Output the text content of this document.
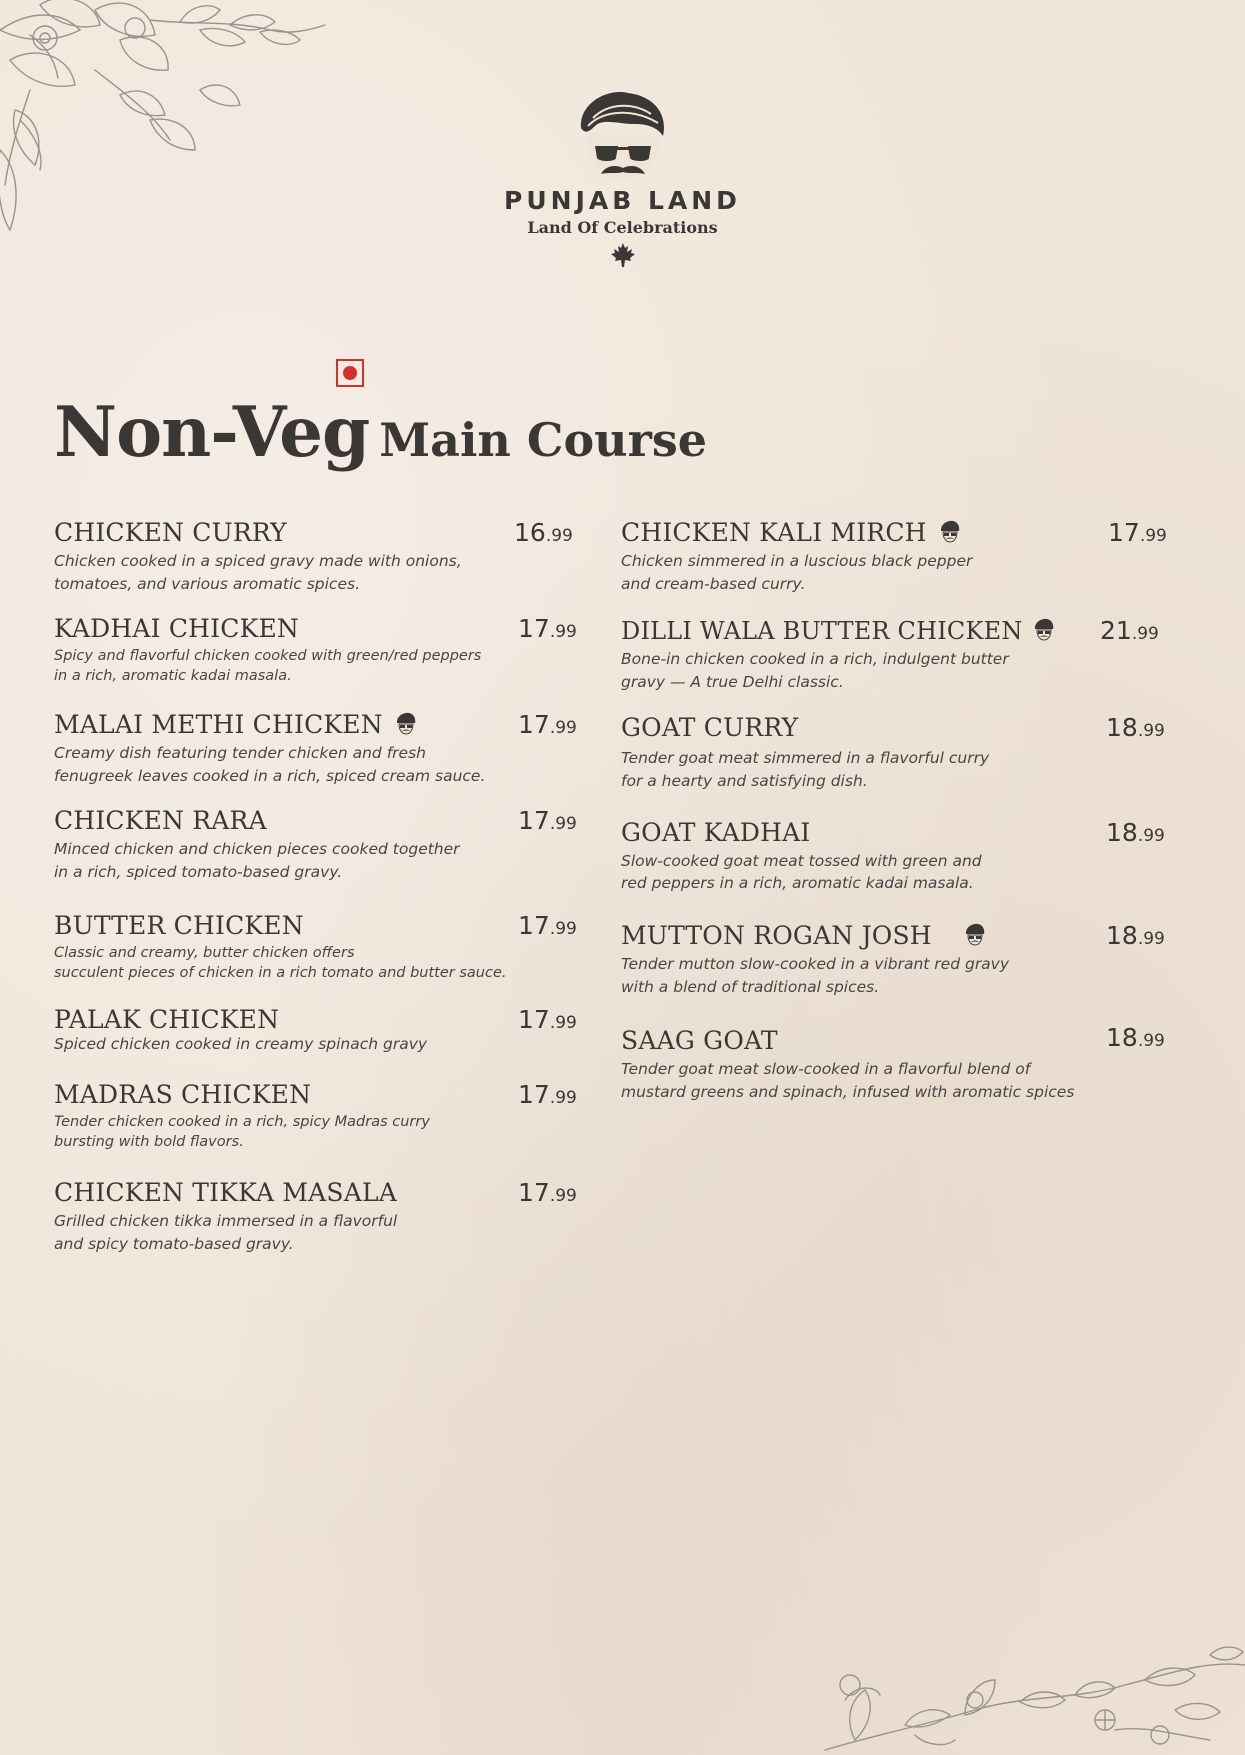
PUNJAB LAND
Land Of Celebrations
Non-Veg Main Course
CHICKEN CURRY
Chicken cooked in a spiced gravy made with onions,
tomatoes, and various aromatic spices.
16.99
KADHAI CHICKEN
Spicy and flavorful chicken cooked with green/red peppers
in a rich, aromatic kadai masala.
17.99
MALAI METHI CHICKEN
Creamy dish featuring tender chicken and fresh
fenugreek leaves cooked in a rich, spiced cream sauce.
17.99
CHICKEN RARA
Minced chicken and chicken pieces cooked together
in a rich, spiced tomato-based gravy.
17.99
BUTTER CHICKEN
Classic and creamy, butter chicken offers
succulent pieces of chicken in a rich tomato and butter sauce.
17.99
PALAK CHICKEN
Spiced chicken cooked in creamy spinach gravy
17.99
MADRAS CHICKEN
Tender chicken cooked in a rich, spicy Madras curry
bursting with bold flavors.
17.99
CHICKEN TIKKA MASALA
Grilled chicken tikka immersed in a flavorful
and spicy tomato-based gravy.
17.99
CHICKEN KALI MIRCH
Chicken simmered in a luscious black pepper
and cream-based curry.
17.99
DILLI WALA BUTTER CHICKEN
Bone-in chicken cooked in a rich, indulgent butter
gravy — A true Delhi classic.
21.99
GOAT CURRY
Tender goat meat simmered in a flavorful curry
for a hearty and satisfying dish.
18.99
GOAT KADHAI
Slow-cooked goat meat tossed with green and
red peppers in a rich, aromatic kadai masala.
18.99
MUTTON ROGAN JOSH
Tender mutton slow-cooked in a vibrant red gravy
with a blend of traditional spices.
18.99
SAAG GOAT
Tender goat meat slow-cooked in a flavorful blend of
mustard greens and spinach, infused with aromatic spices
18.99
